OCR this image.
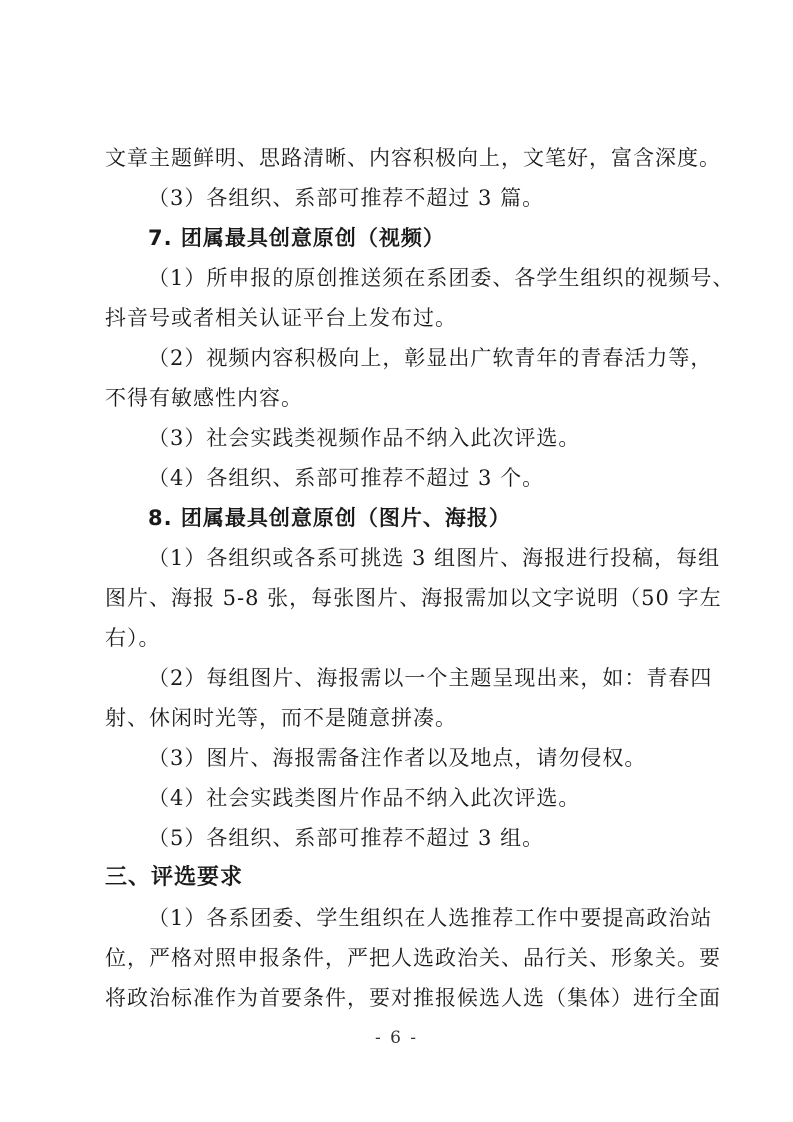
文章主题鲜明、思路清晰、内容积极向上，文笔好，富含深度。
（3）各组织、系部可推荐不超过 3 篇。
7. 团属最具创意原创（视频）
（1）所申报的原创推送须在系团委、各学生组织的视频号、
抖音号或者相关认证平台上发布过。
（2）视频内容积极向上，彰显出广软青年的青春活力等，
不得有敏感性内容。
（3）社会实践类视频作品不纳入此次评选。
（4）各组织、系部可推荐不超过 3 个。
8. 团属最具创意原创（图片、海报）
（1）各组织或各系可挑选 3 组图片、海报进行投稿，每组
图片、海报 5-8 张，每张图片、海报需加以文字说明（50 字左
右）。
（2）每组图片、海报需以一个主题呈现出来，如：青春四
射、休闲时光等，而不是随意拼凑。
（3）图片、海报需备注作者以及地点，请勿侵权。
（4）社会实践类图片作品不纳入此次评选。
（5）各组织、系部可推荐不超过 3 组。
三、评选要求
（1）各系团委、学生组织在人选推荐工作中要提高政治站
位，严格对照申报条件，严把人选政治关、品行关、形象关。要
将政治标准作为首要条件，要对推报候选人选（集体）进行全面
- 6 -
